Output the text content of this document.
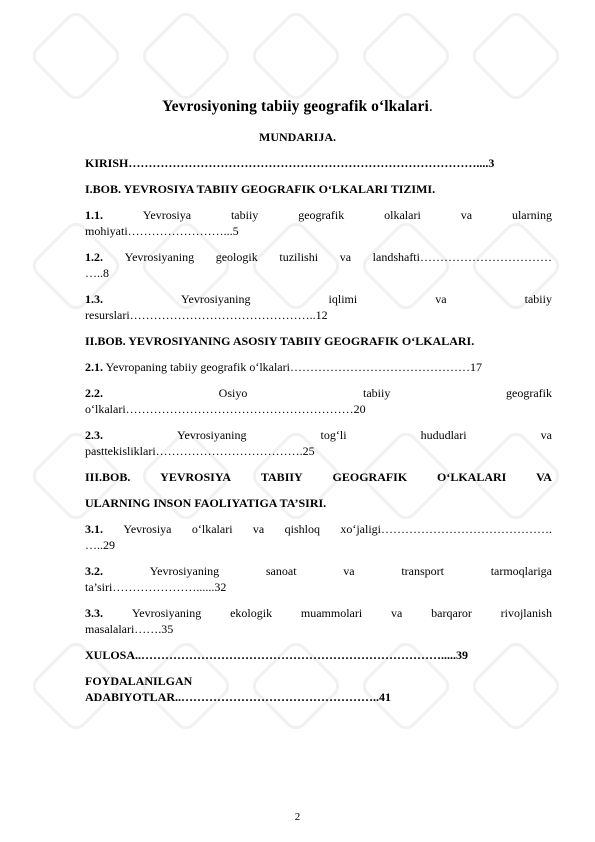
Yevrosiyoning tabiiy geografik o‘lkalari.
MUNDARIJA.
KIRISH……………………………………………………………………………....3
I.BOB. YEVROSIYA TABIIY GEOGRAFIK O‘LKALARI TIZIMI.
1.1.	Yevrosiya	tabiiy	geografik	olkalari	va	ularning
mohiyati……………………...5
1.2. Yevrosiyaning geologik tuzilishi va landshafti……………………………
…..8
1.3.	Yevrosiyaning	iqlimi	va	tabiiy
resurslari………………………………………..12
II.BOB. YEVROSIYANING ASOSIY TABIIY GEOGRAFIK O‘LKALARI.
2.1. Yevropaning tabiiy geografik o‘lkalari………………………………………17
2.2.	Osiyo	tabiiy	geografik
o‘lkalari…………………………………………………20
2.3.	Yevrosiyaning	tog‘li	hududlari	va
pasttekisliklari……………………………….25
III.BOB. YEVROSIYA TABIIY GEOGRAFIK O‘LKALARI VA
ULARNING INSON FAOLIYATIGA TA’SIRI.
3.1. Yevrosiya o‘lkalari va qishloq xo‘jaligi…………………………………….
…..29
3.2.	Yevrosiyaning	sanoat	va	transport	tarmoqlariga
ta’siri…………………......32
3.3. Yevrosiyaning ekologik muammolari va barqaror rivojlanish
masalalari…….35
XULOSA..………………………………………………………………….....39
FOYDALANILGAN
ADABIYOTLAR..…………………………………………..41
2
